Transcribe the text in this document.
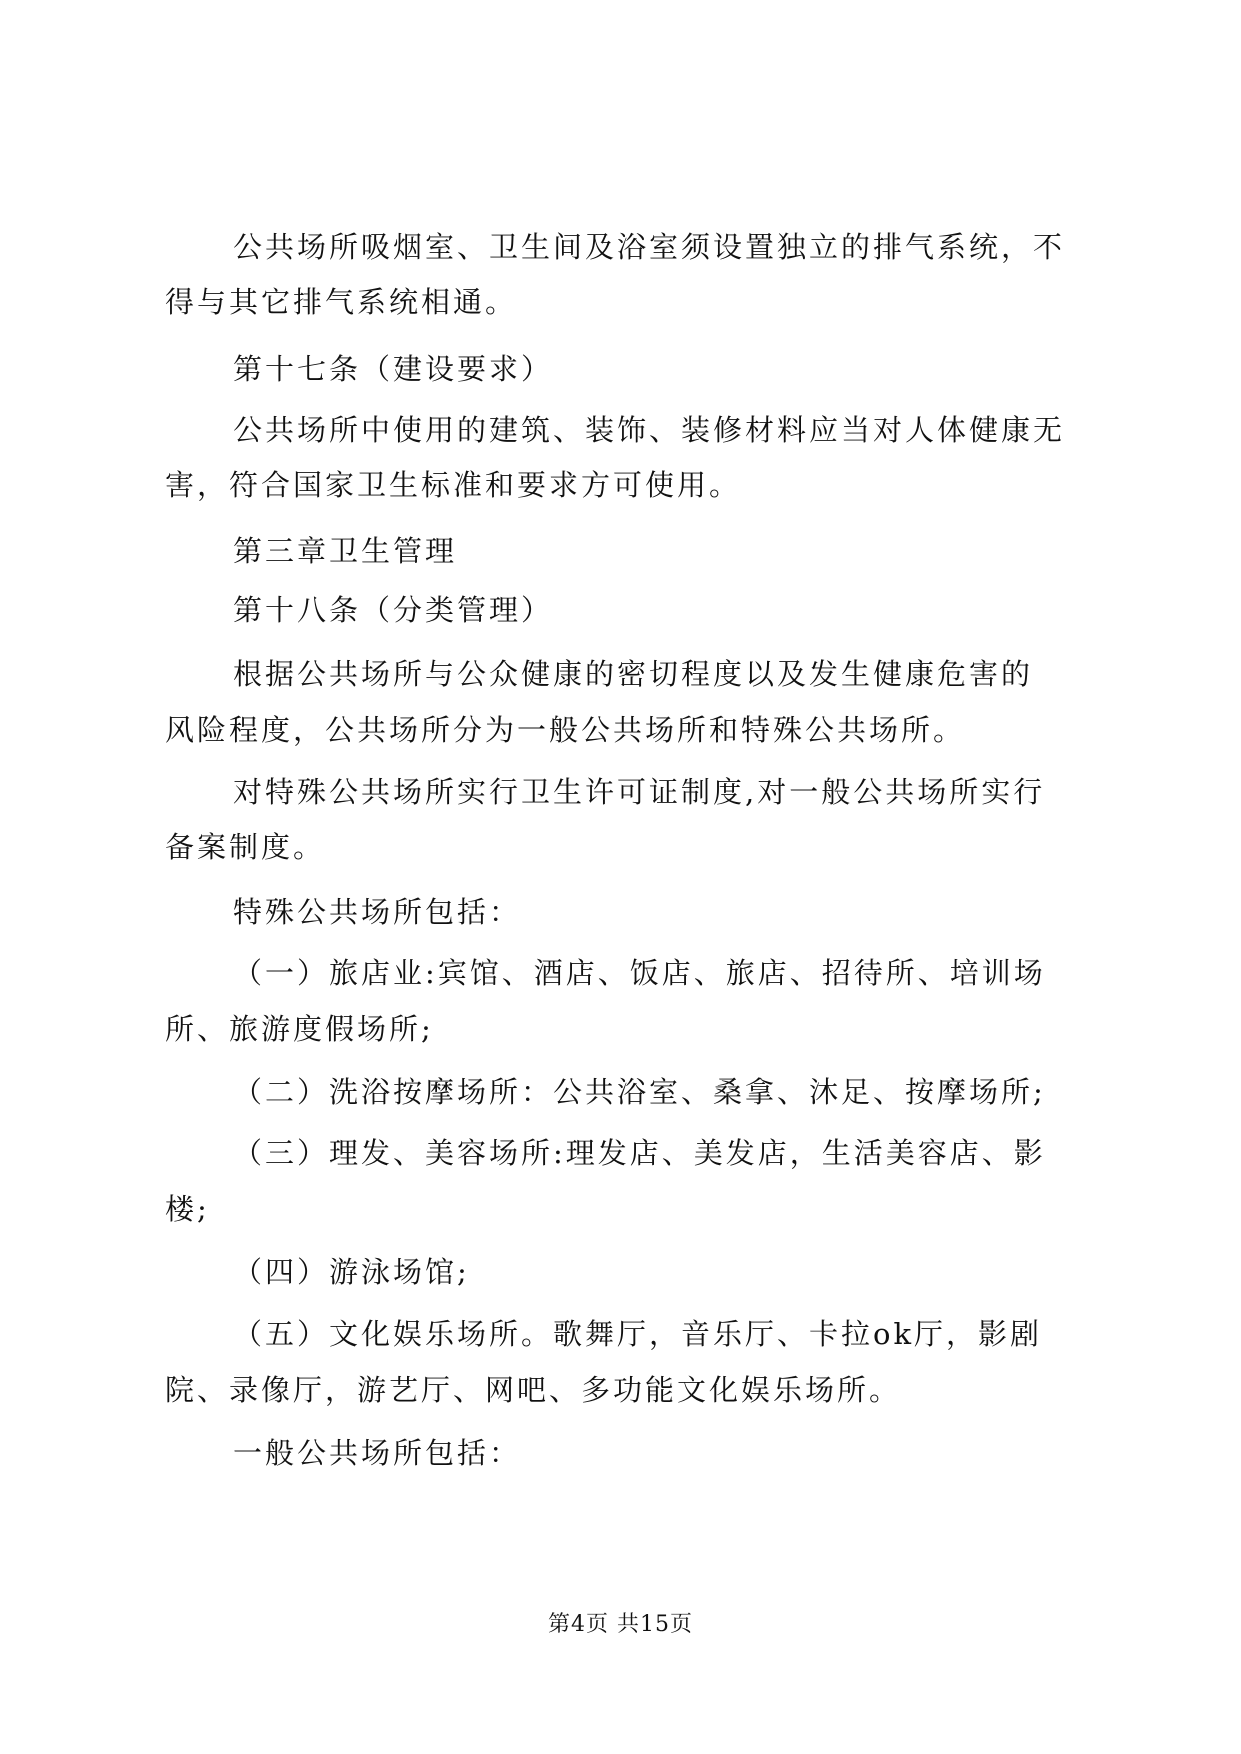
公共场所吸烟室、卫生间及浴室须设置独立的排气系统，不
得与其它排气系统相通。
第十七条（建设要求）
公共场所中使用的建筑、装饰、装修材料应当对人体健康无
害，符合国家卫生标准和要求方可使用。
第三章卫生管理
第十八条（分类管理）
根据公共场所与公众健康的密切程度以及发生健康危害的
风险程度，公共场所分为一般公共场所和特殊公共场所。
对特殊公共场所实行卫生许可证制度,对一般公共场所实行
备案制度。
特殊公共场所包括：
（一）旅店业:宾馆、酒店、饭店、旅店、招待所、培训场
所、旅游度假场所;
（二）洗浴按摩场所：公共浴室、桑拿、沐足、按摩场所;
（三）理发、美容场所:理发店、美发店，生活美容店、影
楼;
（四）游泳场馆;
（五）文化娱乐场所。歌舞厅，音乐厅、卡拉ok厅，影剧
院、录像厅，游艺厅、网吧、多功能文化娱乐场所。
一般公共场所包括：
第4页 共15页
